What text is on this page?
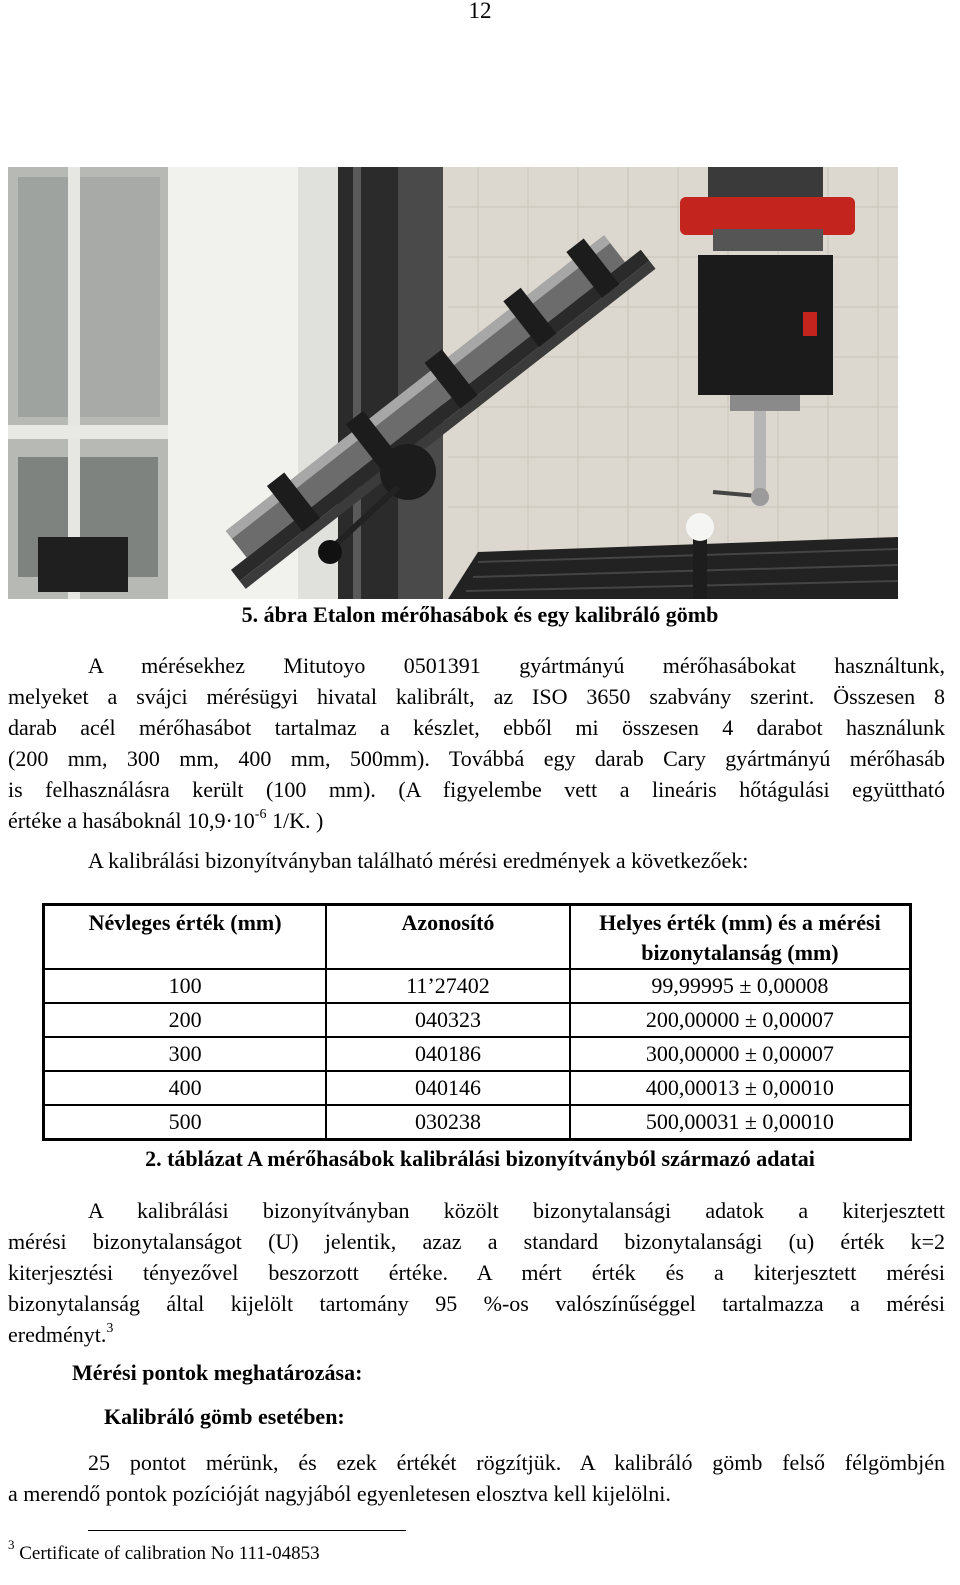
12
5. ábra Etalon mérőhasábok és egy kalibráló gömb
A mérésekhez Mitutoyo 0501391 gyártmányú mérőhasábokat használtunk,
melyeket a svájci mérésügyi hivatal kalibrált, az ISO 3650 szabvány szerint. Összesen 8
darab acél mérőhasábot tartalmaz a készlet, ebből mi összesen 4 darabot használunk
(200 mm, 300 mm, 400 mm, 500mm). Továbbá egy darab Cary gyártmányú mérőhasáb
is felhasználásra került (100 mm). (A figyelembe vett a lineáris hőtágulási együttható
értéke a hasáboknál $10,9\cdot 10^{-6}$ 1/K. )
A kalibrálási bizonyítványban található mérési eredmények a következőek:
Névleges érték (mm)	Azonosító	Helyes érték (mm) és a mérési bizonytalanság (mm)
100	11’27402	99,99995 ± 0,00008
200	040323	200,00000 ± 0,00007
300	040186	300,00000 ± 0,00007
400	040146	400,00013 ± 0,00010
500	030238	500,00031 ± 0,00010
2. táblázat A mérőhasábok kalibrálási bizonyítványból származó adatai
A kalibrálási bizonyítványban közölt bizonytalansági adatok a kiterjesztett
mérési bizonytalanságot (U) jelentik, azaz a standard bizonytalansági (u) érték k=2
kiterjesztési tényezővel beszorzott értéke. A mért érték és a kiterjesztett mérési
bizonytalanság által kijelölt tartomány 95 %-os valószínűséggel tartalmazza a mérési
eredményt.$^3$
Mérési pontok meghatározása:
Kalibráló gömb esetében:
25 pontot mérünk, és ezek értékét rögzítjük. A kalibráló gömb felső félgömbjén
a merendő pontok pozícióját nagyjából egyenletesen elosztva kell kijelölni.
$^3$ Certificate of calibration No 111-04853
